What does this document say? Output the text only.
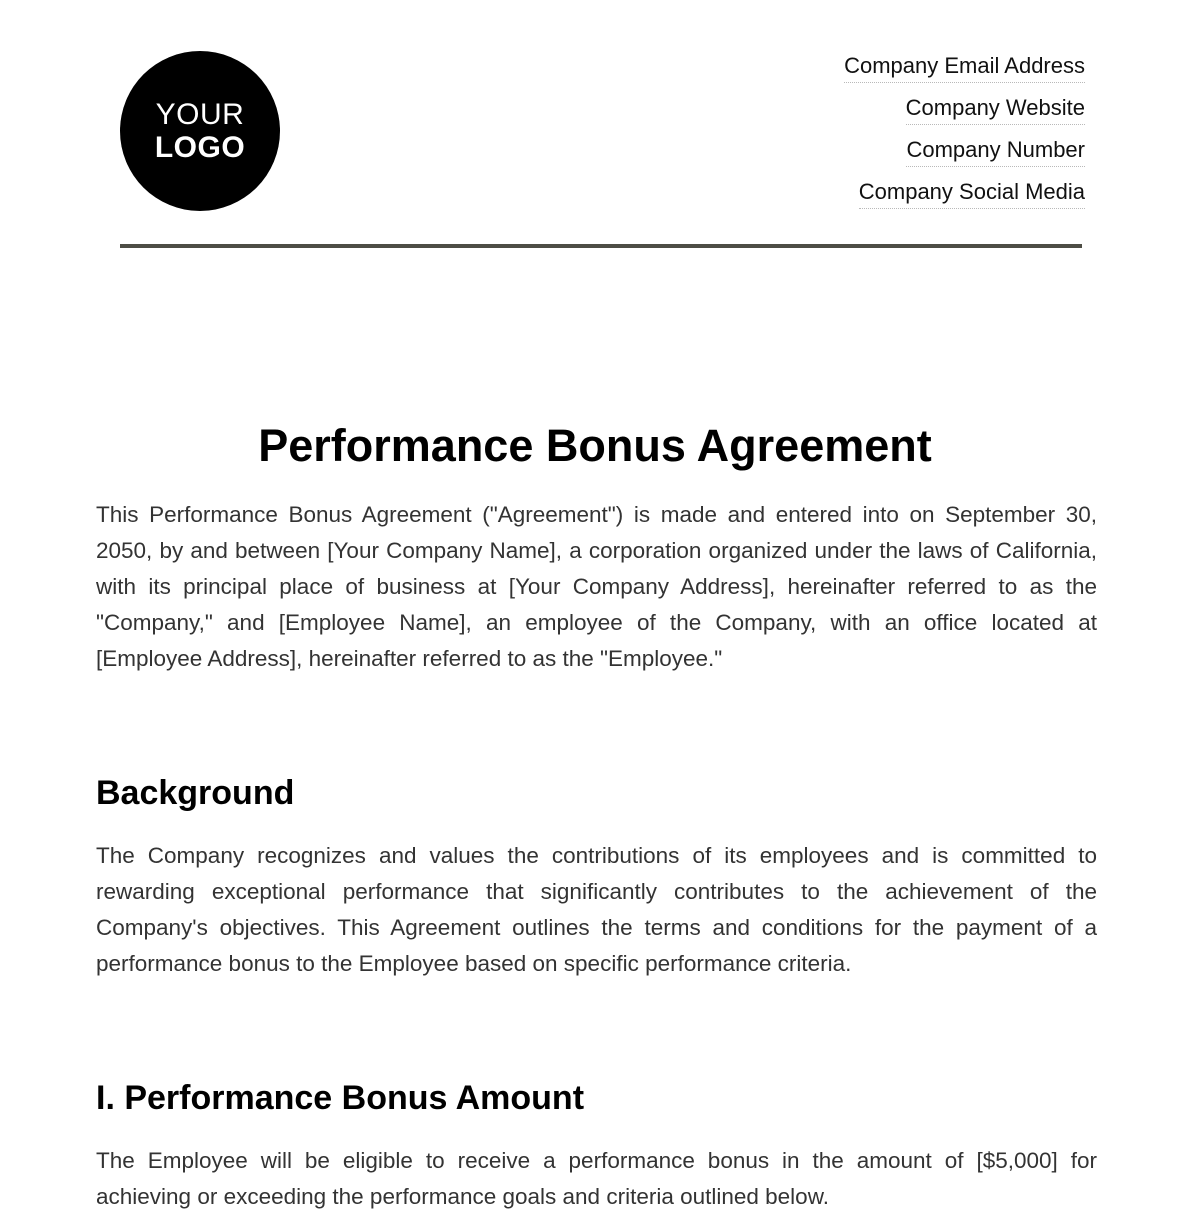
YOUR
LOGO
Company Email Address
Company Website
Company Number
Company Social Media
Performance Bonus Agreement

This Performance Bonus Agreement ("Agreement") is made and entered into on September 30, 2050, by and between [Your Company Name], a corporation organized under the laws of California, with its principal place of business at [Your Company Address], hereinafter referred to as the "Company," and [Employee Name], an employee of the Company, with an office located at [Employee Address], hereinafter referred to as the "Employee."

Background

The Company recognizes and values the contributions of its employees and is committed to rewarding exceptional performance that significantly contributes to the achievement of the Company's objectives. This Agreement outlines the terms and conditions for the payment of a performance bonus to the Employee based on specific performance criteria.

I. Performance Bonus Amount

The Employee will be eligible to receive a performance bonus in the amount of [$5,000] for achieving or exceeding the performance goals and criteria outlined below.
